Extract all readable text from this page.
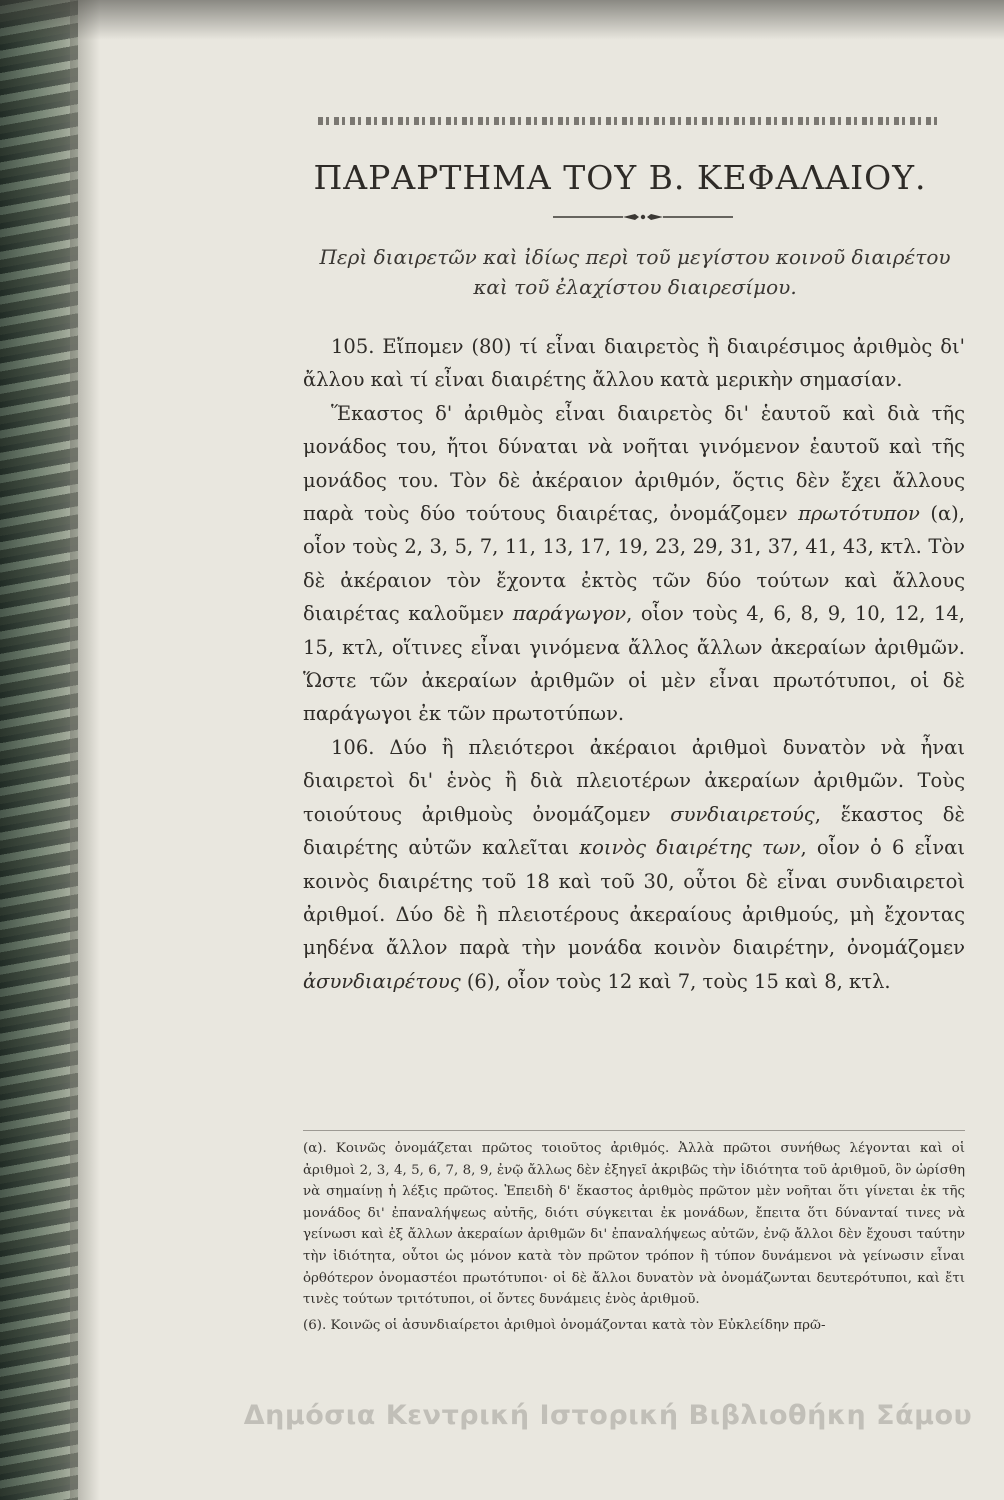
ΠΑΡΑΡΤΗΜΑ ΤΟΥ Β. ΚΕΦΑΛΑΙΟΥ.
Περὶ διαιρετῶν καὶ ἰδίως περὶ τοῦ μεγίστου κοινοῦ διαιρέτου καὶ τοῦ ἐλαχίστου διαιρεσίμου.

105. Εἴπομεν (80) τί εἶναι διαιρετὸς ἢ διαιρέσιμος ἀριθμὸς δι' ἄλλου καὶ τί εἶναι διαιρέτης ἄλλου κατὰ μερικὴν σημασίαν.

Ἕκαστος δ' ἀριθμὸς εἶναι διαιρετὸς δι' ἑαυτοῦ καὶ διὰ τῆς μονάδος του, ἤτοι δύναται νὰ νοῆται γινόμενον ἑαυτοῦ καὶ τῆς μονάδος του. Τὸν δὲ ἀκέραιον ἀριθμόν, ὅςτις δὲν ἔχει ἄλλους παρὰ τοὺς δύο τούτους διαιρέτας, ὀνομάζομεν πρωτότυπον (α), οἷον τοὺς 2, 3, 5, 7, 11, 13, 17, 19, 23, 29, 31, 37, 41, 43, κτλ. Τὸν δὲ ἀκέραιον τὸν ἔχοντα ἐκτὸς τῶν δύο τούτων καὶ ἄλλους διαιρέτας καλοῦμεν παράγωγον, οἷον τοὺς 4, 6, 8, 9, 10, 12, 14, 15, κτλ, οἵτινες εἶναι γινόμενα ἄλλος ἄλλων ἀκεραίων ἀριθμῶν. Ὥστε τῶν ἀκεραίων ἀριθμῶν οἱ μὲν εἶναι πρωτότυποι, οἱ δὲ παράγωγοι ἐκ τῶν πρωτοτύπων.

106. Δύο ἢ πλειότεροι ἀκέραιοι ἀριθμοὶ δυνατὸν νὰ ἦναι διαιρετοὶ δι' ἑνὸς ἢ διὰ πλειοτέρων ἀκεραίων ἀριθμῶν. Τοὺς τοιούτους ἀριθμοὺς ὀνομάζομεν συνδιαιρετούς, ἕκαστος δὲ διαιρέτης αὐτῶν καλεῖται κοινὸς διαιρέτης των, οἷον ὁ 6 εἶναι κοινὸς διαιρέτης τοῦ 18 καὶ τοῦ 30, οὗτοι δὲ εἶναι συνδιαιρετοὶ ἀριθμοί. Δύο δὲ ἢ πλειοτέρους ἀκεραίους ἀριθμούς, μὴ ἔχοντας μηδένα ἄλλον παρὰ τὴν μονάδα κοινὸν διαιρέτην, ὀνομάζομεν ἀσυνδιαιρέτους (6), οἷον τοὺς 12 καὶ 7, τοὺς 15 καὶ 8, κτλ.

(α). Κοινῶς ὀνομάζεται πρῶτος τοιοῦτος ἀριθμός. Ἀλλὰ πρῶτοι συνήθως λέγονται καὶ οἱ ἀριθμοὶ 2, 3, 4, 5, 6, 7, 8, 9, ἐνῷ ἄλλως δὲν ἐξηγεῖ ἀκριβῶς τὴν ἰδιότητα τοῦ ἀριθμοῦ, ὃν ὡρίσθη νὰ σημαίνῃ ἡ λέξις πρῶτος. Ἐπειδὴ δ' ἕκαστος ἀριθμὸς πρῶτον μὲν νοῆται ὅτι γίνεται ἐκ τῆς μονάδος δι' ἐπαναλήψεως αὐτῆς, διότι σύγκειται ἐκ μονάδων, ἔπειτα ὅτι δύνανταί τινες νὰ γείνωσι καὶ ἐξ ἄλλων ἀκεραίων ἀριθμῶν δι' ἐπαναλήψεως αὐτῶν, ἐνῷ ἄλλοι δὲν ἔχουσι ταύτην τὴν ἰδιότητα, οὗτοι ὡς μόνον κατὰ τὸν πρῶτον τρόπον ἢ τύπον δυνάμενοι νὰ γείνωσιν εἶναι ὀρθότερον ὀνομαστέοι πρωτότυποι· οἱ δὲ ἄλλοι δυνατὸν νὰ ὀνομάζωνται δευτερότυποι, καὶ ἔτι τινὲς τούτων τριτότυποι, οἱ ὄντες δυνάμεις ἑνὸς ἀριθμοῦ.

(6). Κοινῶς οἱ ἀσυνδιαίρετοι ἀριθμοὶ ὀνομάζονται κατὰ τὸν Εὐκλείδην πρῶ-

Δημόσια Κεντρική Ιστορική Βιβλιοθήκη Σάμου
